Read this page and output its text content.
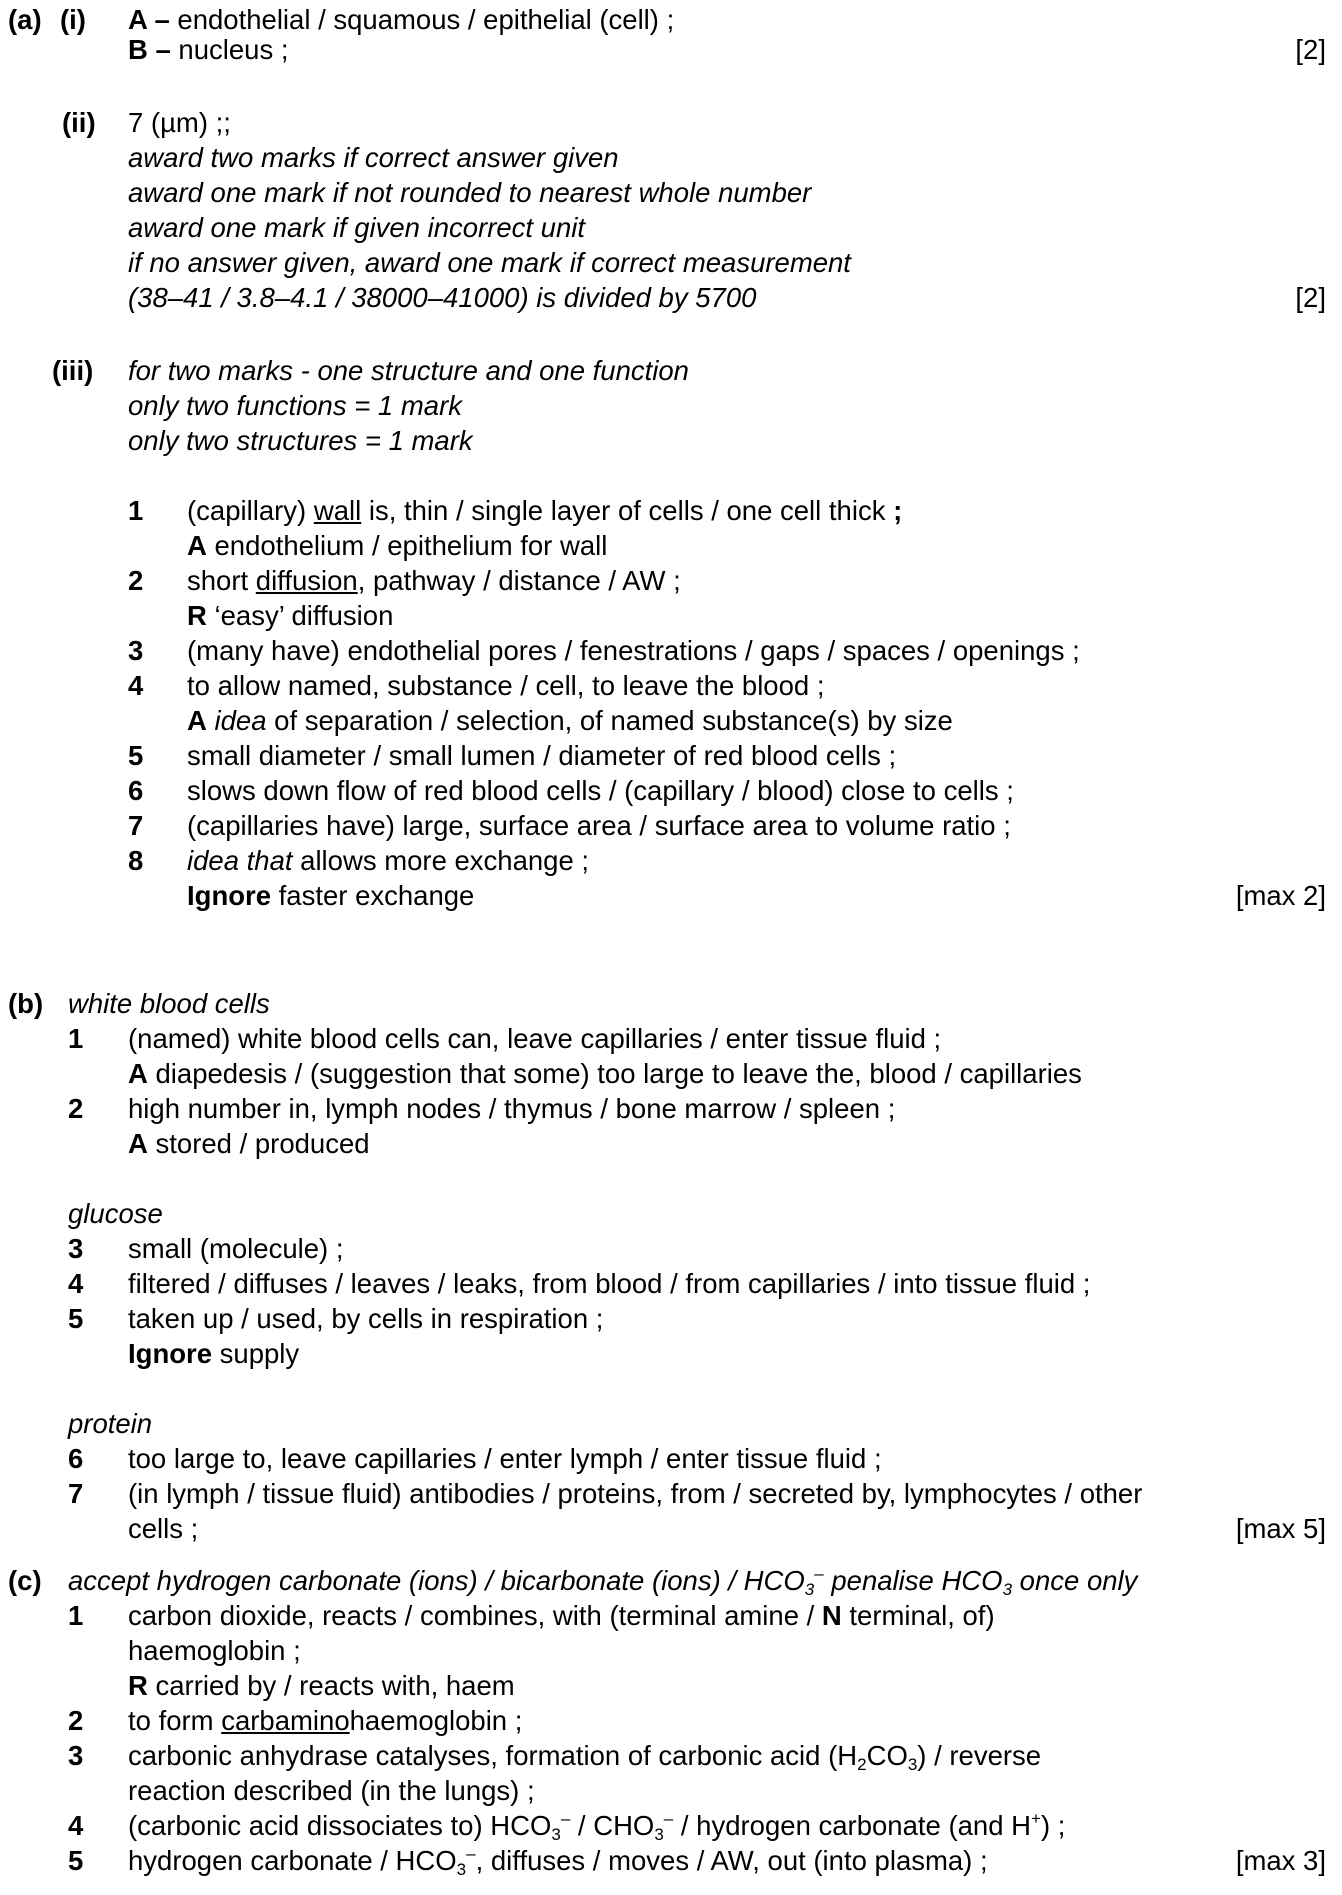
(a) (i) A – endothelial / squamous / epithelial (cell) ;
B – nucleus ;	[2]
(ii) 7 (µm) ;;
award two marks if correct answer given
award one mark if not rounded to nearest whole number
award one mark if given incorrect unit
if no answer given, award one mark if correct measurement
(38–41 / 3.8–4.1 / 38000–41000) is divided by 5700	[2]
(iii) for two marks - one structure and one function
only two functions = 1 mark
only two structures = 1 mark
1 (capillary) wall is, thin / single layer of cells / one cell thick ;
A endothelium / epithelium for wall
2 short diffusion, pathway / distance / AW ;
R ‘easy’ diffusion
3 (many have) endothelial pores / fenestrations / gaps / spaces / openings ;
4 to allow named, substance / cell, to leave the blood ;
A idea of separation / selection, of named substance(s) by size
5 small diameter / small lumen / diameter of red blood cells ;
6 slows down flow of red blood cells / (capillary / blood) close to cells ;
7 (capillaries have) large, surface area / surface area to volume ratio ;
8 idea that allows more exchange ;
Ignore faster exchange	[max 2]
(b) white blood cells
1 (named) white blood cells can, leave capillaries / enter tissue fluid ;
A diapedesis / (suggestion that some) too large to leave the, blood / capillaries
2 high number in, lymph nodes / thymus / bone marrow / spleen ;
A stored / produced
glucose
3 small (molecule) ;
4 filtered / diffuses / leaves / leaks, from blood / from capillaries / into tissue fluid ;
5 taken up / used, by cells in respiration ;
Ignore supply
protein
6 too large to, leave capillaries / enter lymph / enter tissue fluid ;
7 (in lymph / tissue fluid) antibodies / proteins, from / secreted by, lymphocytes / other
cells ;	[max 5]
(c) accept hydrogen carbonate (ions) / bicarbonate (ions) / $HCO_3^-$ penalise $HCO_3$ once only
1 carbon dioxide, reacts / combines, with (terminal amine / N terminal, of)
haemoglobin ;
R carried by / reacts with, haem
2 to form carbaminohaemoglobin ;
3 carbonic anhydrase catalyses, formation of carbonic acid $(H_2CO_3)$ / reverse
reaction described (in the lungs) ;
4 (carbonic acid dissociates to) $HCO_3^- / CHO_3^-$ / hydrogen carbonate (and H+) ;
5 hydrogen carbonate / $HCO_3^-$, diffuses / moves / AW, out (into plasma) ;	[max 3]
